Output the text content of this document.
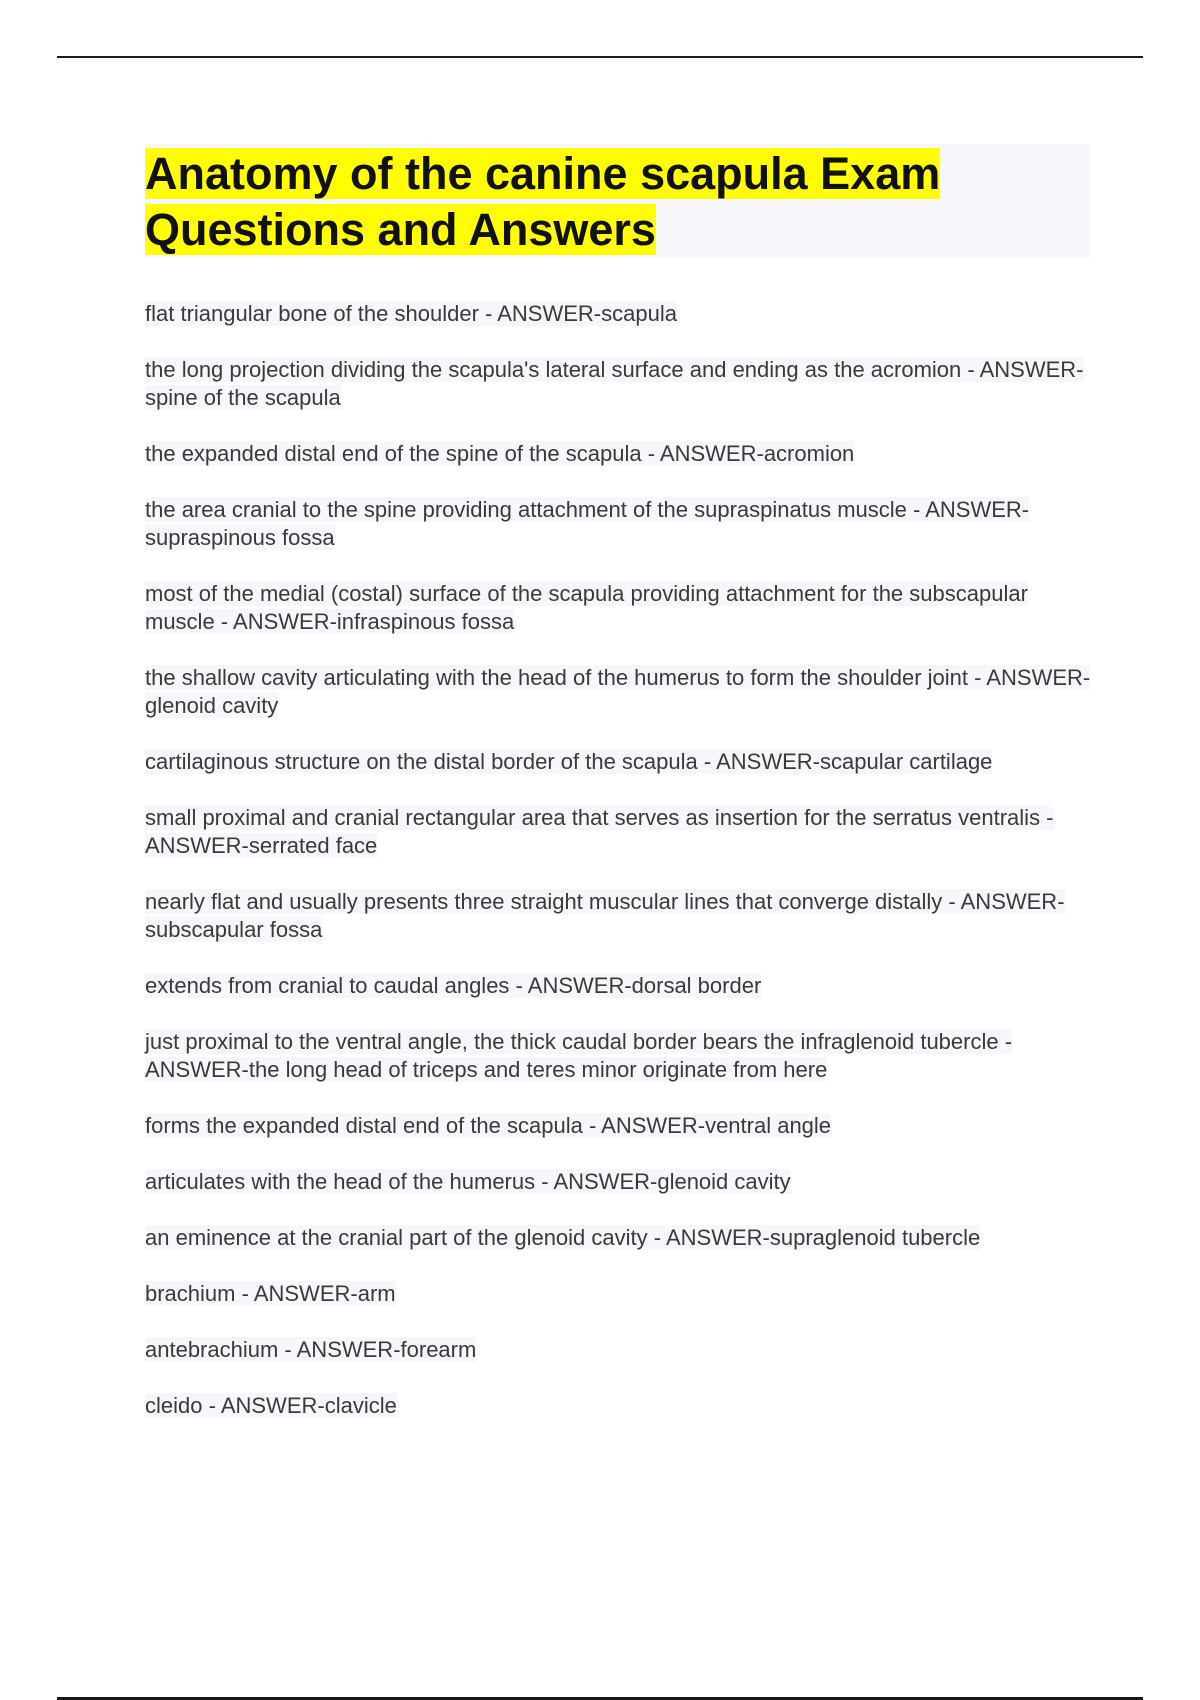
Anatomy of the canine scapula Exam Questions and Answers
flat triangular bone of the shoulder - ANSWER-scapula
the long projection dividing the scapula's lateral surface and ending as the acromion - ANSWER-spine of the scapula
the expanded distal end of the spine of the scapula - ANSWER-acromion
the area cranial to the spine providing attachment of the supraspinatus muscle - ANSWER-supraspinous fossa
most of the medial (costal) surface of the scapula providing attachment for the subscapular muscle - ANSWER-infraspinous fossa
the shallow cavity articulating with the head of the humerus to form the shoulder joint - ANSWER-glenoid cavity
cartilaginous structure on the distal border of the scapula - ANSWER-scapular cartilage
small proximal and cranial rectangular area that serves as insertion for the serratus ventralis - ANSWER-serrated face
nearly flat and usually presents three straight muscular lines that converge distally - ANSWER-subscapular fossa
extends from cranial to caudal angles - ANSWER-dorsal border
just proximal to the ventral angle, the thick caudal border bears the infraglenoid tubercle - ANSWER-the long head of triceps and teres minor originate from here
forms the expanded distal end of the scapula - ANSWER-ventral angle
articulates with the head of the humerus - ANSWER-glenoid cavity
an eminence at the cranial part of the glenoid cavity - ANSWER-supraglenoid tubercle
brachium - ANSWER-arm
antebrachium - ANSWER-forearm
cleido - ANSWER-clavicle
